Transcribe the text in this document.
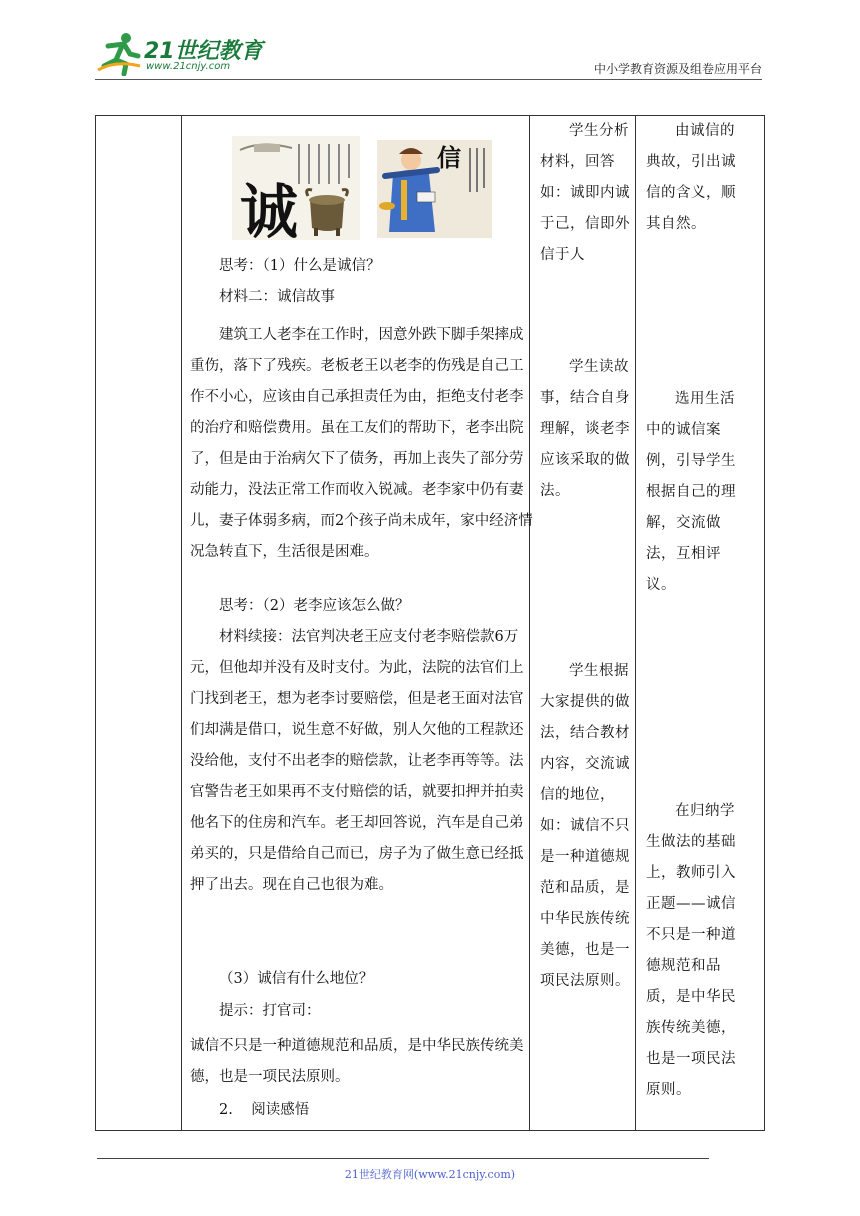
21世纪教育
www.21cnjy.com	中小学教育资源及组卷应用平台
诚
信

思考：（1）什么是诚信？

材料二：诚信故事

建筑工人老李在工作时，因意外跌下脚手架摔成重伤，落下了残疾。老板老王以老李的伤残是自己工作不小心，应该由自己承担责任为由，拒绝支付老李的治疗和赔偿费用。虽在工友们的帮助下，老李出院了，但是由于治病欠下了债务，再加上丧失了部分劳动能力，没法正常工作而收入锐减。老李家中仍有妻儿，妻子体弱多病，而2个孩子尚未成年，家中经济情况急转直下，生活很是困难。

思考：（2）老李应该怎么做？

材料续接：法官判决老王应支付老李赔偿款6万元，但他却并没有及时支付。为此，法院的法官们上门找到老王，想为老李讨要赔偿，但是老王面对法官们却满是借口，说生意不好做，别人欠他的工程款还没给他，支付不出老李的赔偿款，让老李再等等。法官警告老王如果再不支付赔偿的话，就要扣押并拍卖他名下的住房和汽车。老王却回答说，汽车是自己弟弟买的，只是借给自己而已，房子为了做生意已经抵押了出去。现在自己也很为难。

（3）诚信有什么地位？

提示：打官司：

诚信不只是一种道德规范和品质，是中华民族传统美德，也是一项民法原则。

2.    阅读感悟

学生分析材料，回答如：诚即内诚于己，信即外信于人

学生读故事，结合自身理解，谈老李应该采取的做法。

学生根据大家提供的做法，结合教材内容，交流诚信的地位，如：诚信不只是一种道德规范和品质，是中华民族传统美德，也是一项民法原则。

由诚信的典故，引出诚信的含义，顺其自然。

选用生活中的诚信案例，引导学生根据自己的理解，交流做法，互相评议。

在归纳学生做法的基础上，教师引入正题——诚信不只是一种道德规范和品质，是中华民族传统美德，也是一项民法原则。

21世纪教育网(www.21cnjy.com)
